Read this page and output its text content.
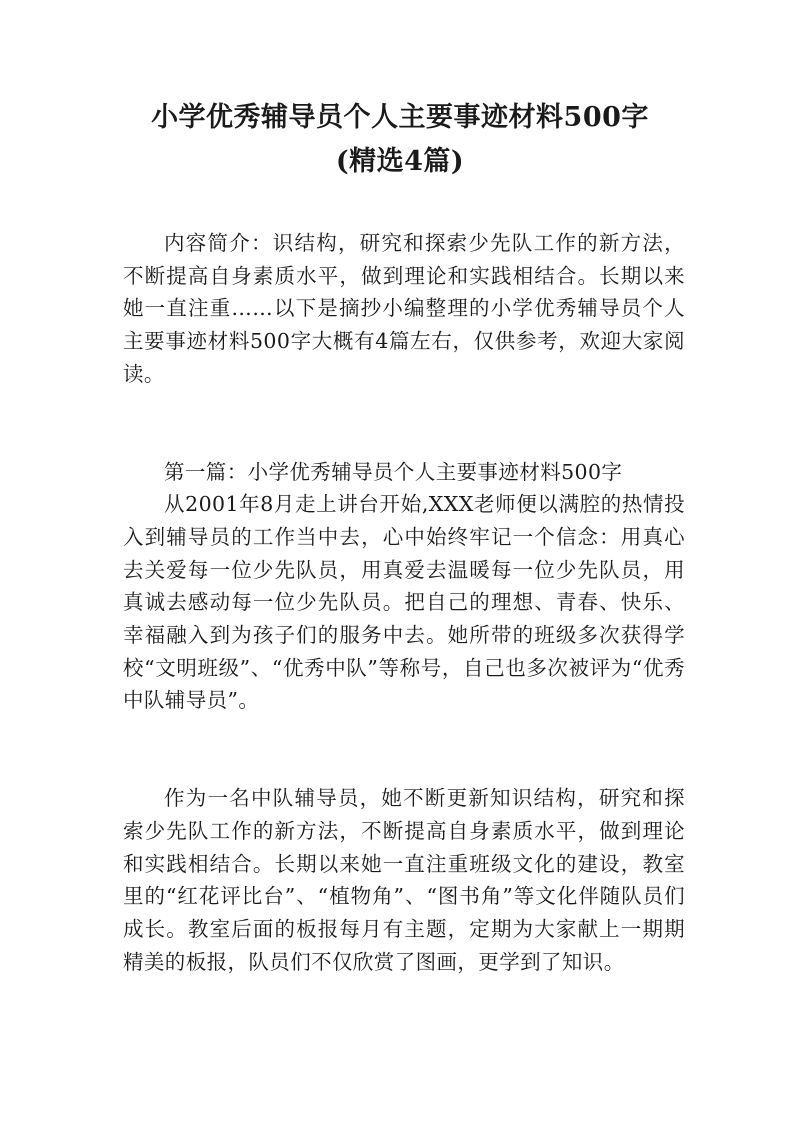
小学优秀辅导员个人主要事迹材料500字
(精选4篇)

内容简介：识结构，研究和探索少先队工作的新方法，不断提高自身素质水平，做到理论和实践相结合。长期以来她一直注重……以下是摘抄小编整理的小学优秀辅导员个人主要事迹材料500字大概有4篇左右，仅供参考，欢迎大家阅读。

第一篇：小学优秀辅导员个人主要事迹材料500字

从2001年8月走上讲台开始,XXX老师便以满腔的热情投入到辅导员的工作当中去，心中始终牢记一个信念：用真心去关爱每一位少先队员，用真爱去温暖每一位少先队员，用真诚去感动每一位少先队员。把自己的理想、青春、快乐、幸福融入到为孩子们的服务中去。她所带的班级多次获得学校“文明班级”、“优秀中队”等称号，自己也多次被评为“优秀中队辅导员”。

作为一名中队辅导员，她不断更新知识结构，研究和探索少先队工作的新方法，不断提高自身素质水平，做到理论和实践相结合。长期以来她一直注重班级文化的建设，教室里的“红花评比台”、“植物角”、“图书角”等文化伴随队员们成长。教室后面的板报每月有主题，定期为大家献上一期期精美的板报，队员们不仅欣赏了图画，更学到了知识。
